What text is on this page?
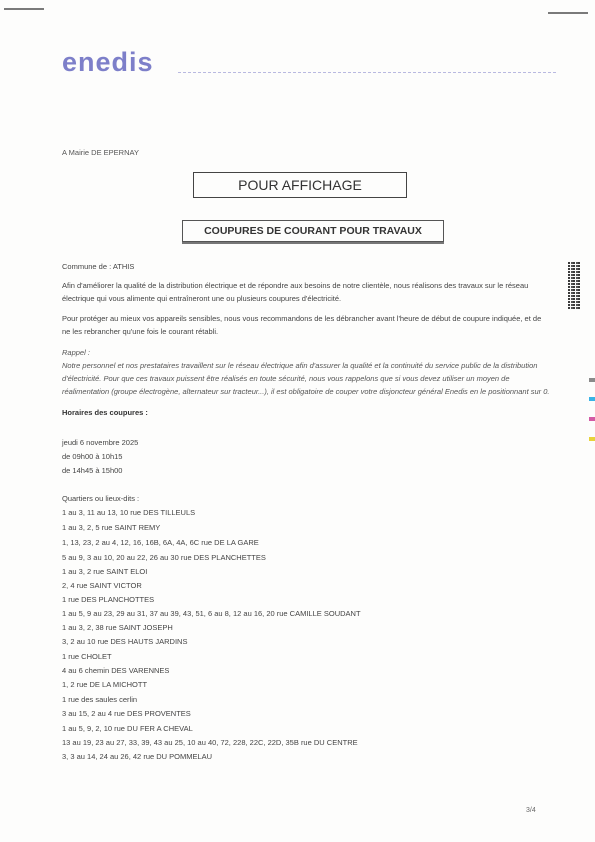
enedis
A Mairie DE EPERNAY
POUR AFFICHAGE
COUPURES DE COURANT POUR TRAVAUX
Commune de : ATHIS
Afin d'améliorer la qualité de la distribution électrique et de répondre aux besoins de notre clientèle, nous réalisons des travaux sur le réseau électrique qui vous alimente qui entraîneront une ou plusieurs coupures d'électricité.
Pour protéger au mieux vos appareils sensibles, nous vous recommandons de les débrancher avant l'heure de début de coupure indiquée, et de ne les rebrancher qu'une fois le courant rétabli.
Rappel :
Notre personnel et nos prestataires travaillent sur le réseau électrique afin d'assurer la qualité et la continuité du service public de la distribution d'électricité. Pour que ces travaux puissent être réalisés en toute sécurité, nous vous rappelons que si vous devez utiliser un moyen de réalimentation (groupe électrogène, alternateur sur tracteur...), il est obligatoire de couper votre disjoncteur général Enedis en le positionnant sur 0.
Horaires des coupures :
jeudi 6 novembre 2025
de 09h00 à 10h15
de 14h45 à 15h00
Quartiers ou lieux-dits :
1 au 3, 11 au 13, 10 rue DES TILLEULS
1 au 3, 2, 5 rue SAINT REMY
1, 13, 23, 2 au 4, 12, 16, 16B, 6A, 4A, 6C rue DE LA GARE
5 au 9, 3 au 10, 20 au 22, 26 au 30 rue DES PLANCHETTES
1 au 3, 2 rue SAINT ELOI
2, 4 rue SAINT VICTOR
1 rue DES PLANCHOTTES
1 au 5, 9 au 23, 29 au 31, 37 au 39, 43, 51, 6 au 8, 12 au 16, 20 rue CAMILLE SOUDANT
1 au 3, 2, 38 rue SAINT JOSEPH
3, 2 au 10 rue DES HAUTS JARDINS
1 rue CHOLET
4 au 6 chemin DES VARENNES
1, 2 rue DE LA MICHOTT
1 rue des saules cerlin
3 au 15, 2 au 4 rue DES PROVENTES
1 au 5, 9, 2, 10 rue DU FER A CHEVAL
13 au 19, 23 au 27, 33, 39, 43 au 25, 10 au 40, 72, 228, 22C, 22D, 35B rue DU CENTRE
3, 3 au 14, 24 au 26, 42 rue DU POMMELAU
3/4
